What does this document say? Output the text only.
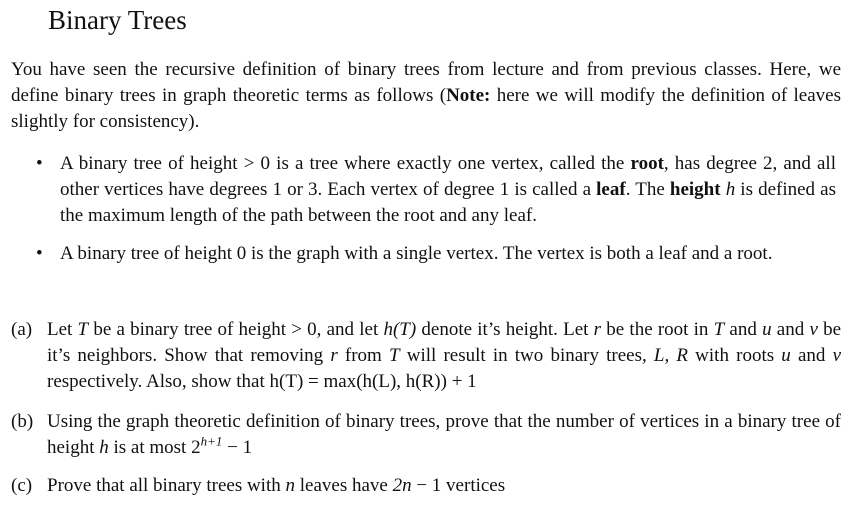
Binary Trees
You have seen the recursive definition of binary trees from lecture and from previous classes. Here, we define binary trees in graph theoretic terms as follows (Note: here we will modify the definition of leaves slightly for consistency).
• A binary tree of height > 0 is a tree where exactly one vertex, called the root, has degree 2, and all other vertices have degrees 1 or 3. Each vertex of degree 1 is called a leaf. The height h is defined as the maximum length of the path between the root and any leaf.
• A binary tree of height 0 is the graph with a single vertex. The vertex is both a leaf and a root.
(a) Let T be a binary tree of height > 0, and let h(T) denote it’s height. Let r be the root in T and u and v be it’s neighbors. Show that removing r from T will result in two binary trees, L, R with roots u and v respectively. Also, show that h(T) = max(h(L), h(R)) + 1
(b) Using the graph theoretic definition of binary trees, prove that the number of vertices in a binary tree of height h is at most $2^{h+1} - 1$
(c) Prove that all binary trees with n leaves have 2n − 1 vertices
